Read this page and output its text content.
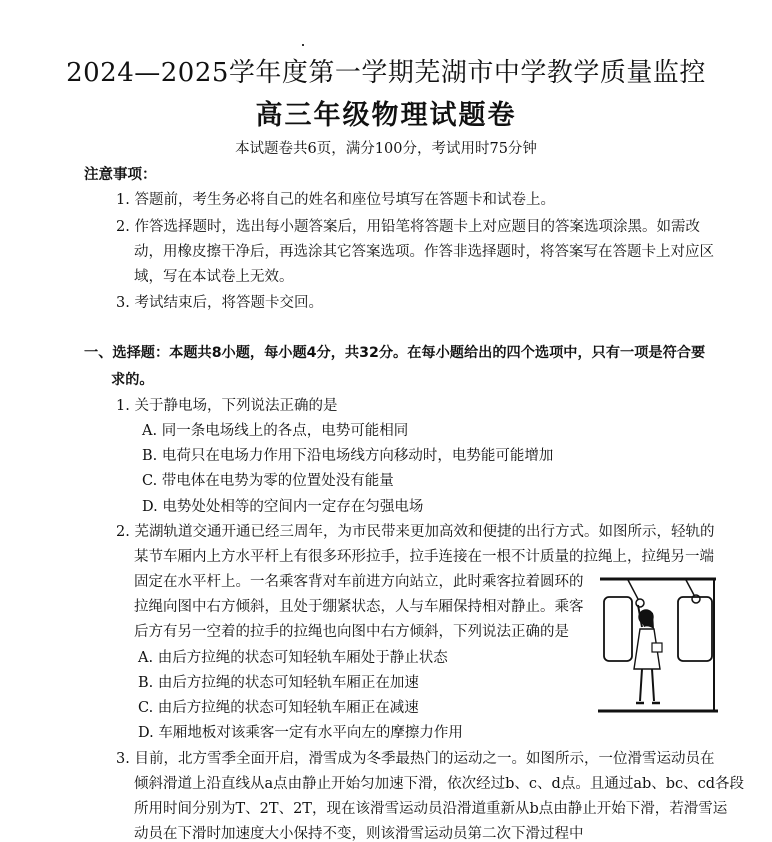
2024—2025学年度第一学期芜湖市中学教学质量监控
高三年级物理试题卷
本试题卷共6页，满分100分，考试用时75分钟
注意事项：
1. 答题前，考生务必将自己的姓名和座位号填写在答题卡和试卷上。
2. 作答选择题时，选出每小题答案后，用铅笔将答题卡上对应题目的答案选项涂黑。如需改
动，用橡皮擦干净后，再选涂其它答案选项。作答非选择题时，将答案写在答题卡上对应区
域，写在本试卷上无效。
3. 考试结束后，将答题卡交回。
一、选择题：本题共8小题，每小题4分，共32分。在每小题给出的四个选项中，只有一项是符合要
求的。
1. 关于静电场，下列说法正确的是
A. 同一条电场线上的各点，电势可能相同
B. 电荷只在电场力作用下沿电场线方向移动时，电势能可能增加
C. 带电体在电势为零的位置处没有能量
D. 电势处处相等的空间内一定存在匀强电场
2. 芜湖轨道交通开通已经三周年，为市民带来更加高效和便捷的出行方式。如图所示，轻轨的
某节车厢内上方水平杆上有很多环形拉手，拉手连接在一根不计质量的拉绳上，拉绳另一端
固定在水平杆上。一名乘客背对车前进方向站立，此时乘客拉着圆环的
拉绳向图中右方倾斜，且处于绷紧状态，人与车厢保持相对静止。乘客
后方有另一空着的拉手的拉绳也向图中右方倾斜，下列说法正确的是
A. 由后方拉绳的状态可知轻轨车厢处于静止状态
B. 由后方拉绳的状态可知轻轨车厢正在加速
C. 由后方拉绳的状态可知轻轨车厢正在减速
D. 车厢地板对该乘客一定有水平向左的摩擦力作用
3. 目前，北方雪季全面开启，滑雪成为冬季最热门的运动之一。如图所示，一位滑雪运动员在
倾斜滑道上沿直线从a点由静止开始匀加速下滑，依次经过b、c、d点。且通过ab、bc、cd各段
所用时间分别为T、2T、2T，现在该滑雪运动员沿滑道重新从b点由静止开始下滑，若滑雪运
动员在下滑时加速度大小保持不变，则该滑雪运动员第二次下滑过程中
